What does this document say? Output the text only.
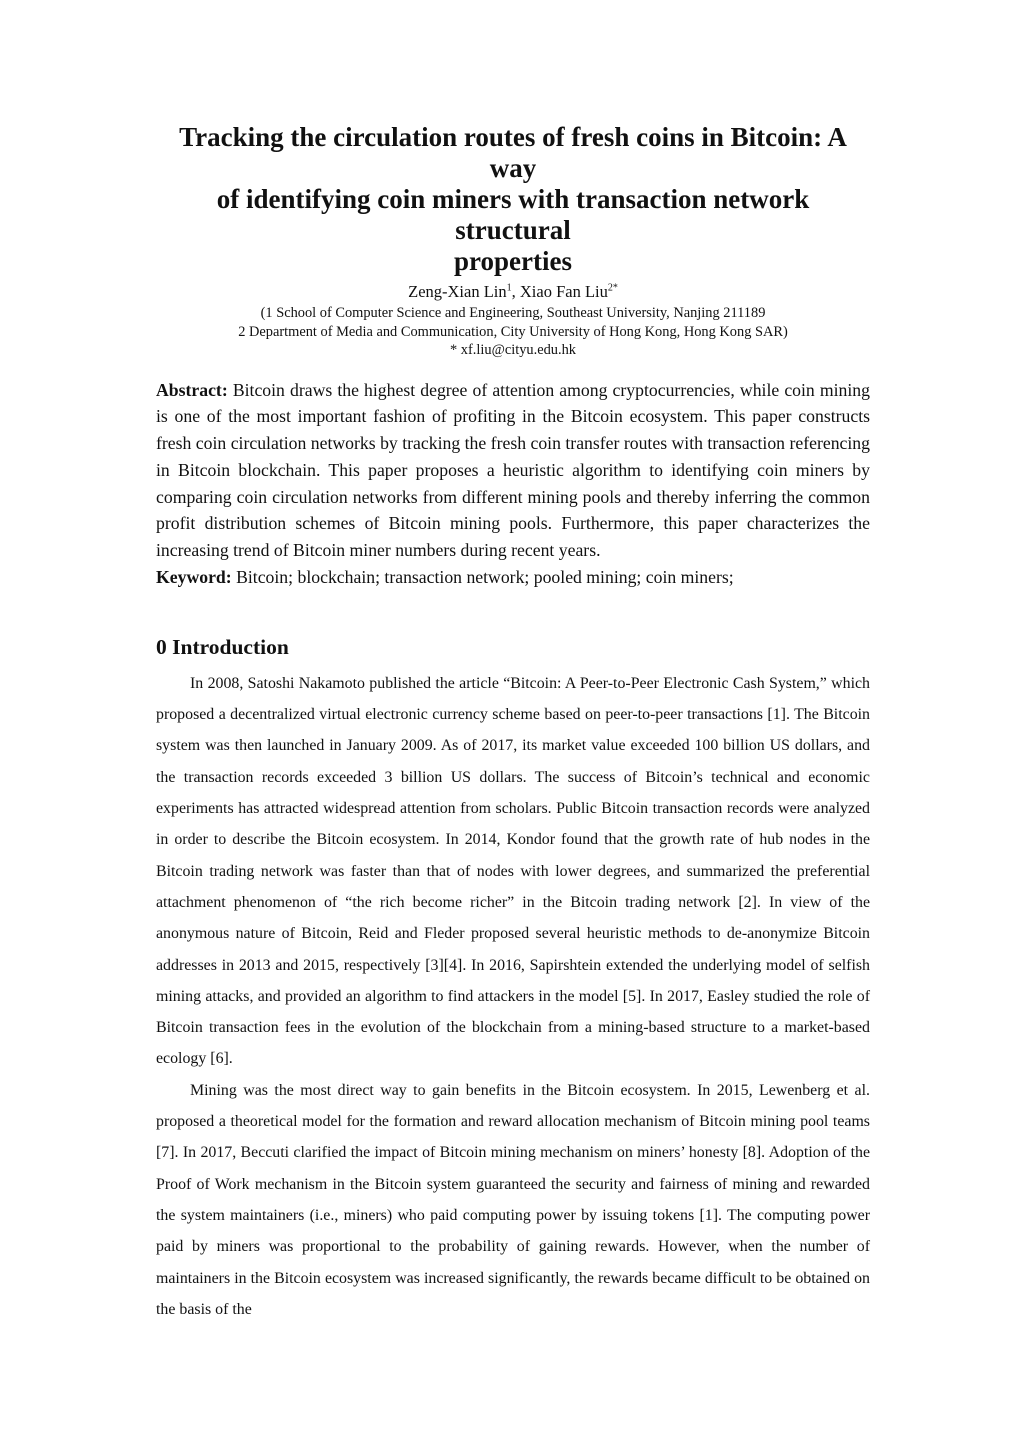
Tracking the circulation routes of fresh coins in Bitcoin: A way
of identifying coin miners with transaction network structural
properties
Zeng-Xian Lin$^1$, Xiao Fan Liu$^{2*}$
(1 School of Computer Science and Engineering, Southeast University, Nanjing 211189
2 Department of Media and Communication, City University of Hong Kong, Hong Kong SAR)
* xf.liu@cityu.edu.hk
Abstract: Bitcoin draws the highest degree of attention among cryptocurrencies, while coin mining is one of the most important fashion of profiting in the Bitcoin ecosystem. This paper constructs fresh coin circulation networks by tracking the fresh coin transfer routes with transaction referencing in Bitcoin blockchain. This paper proposes a heuristic algorithm to identifying coin miners by comparing coin circulation networks from different mining pools and thereby inferring the common profit distribution schemes of Bitcoin mining pools. Furthermore, this paper characterizes the increasing trend of Bitcoin miner numbers during recent years.
Keyword: Bitcoin; blockchain; transaction network; pooled mining; coin miners;
0 Introduction

In 2008, Satoshi Nakamoto published the article “Bitcoin: A Peer-to-Peer Electronic Cash System,” which proposed a decentralized virtual electronic currency scheme based on peer-to-peer transactions [1]. The Bitcoin system was then launched in January 2009. As of 2017, its market value exceeded 100 billion US dollars, and the transaction records exceeded 3 billion US dollars. The success of Bitcoin’s technical and economic experiments has attracted widespread attention from scholars. Public Bitcoin transaction records were analyzed in order to describe the Bitcoin ecosystem. In 2014, Kondor found that the growth rate of hub nodes in the Bitcoin trading network was faster than that of nodes with lower degrees, and summarized the preferential attachment phenomenon of “the rich become richer” in the Bitcoin trading network [2]. In view of the anonymous nature of Bitcoin, Reid and Fleder proposed several heuristic methods to de-anonymize Bitcoin addresses in 2013 and 2015, respectively [3][4]. In 2016, Sapirshtein extended the underlying model of selfish mining attacks, and provided an algorithm to find attackers in the model [5]. In 2017, Easley studied the role of Bitcoin transaction fees in the evolution of the blockchain from a mining-based structure to a market-based ecology [6].

Mining was the most direct way to gain benefits in the Bitcoin ecosystem. In 2015, Lewenberg et al. proposed a theoretical model for the formation and reward allocation mechanism of Bitcoin mining pool teams [7]. In 2017, Beccuti clarified the impact of Bitcoin mining mechanism on miners’ honesty [8]. Adoption of the Proof of Work mechanism in the Bitcoin system guaranteed the security and fairness of mining and rewarded the system maintainers (i.e., miners) who paid computing power by issuing tokens [1]. The computing power paid by miners was proportional to the probability of gaining rewards. However, when the number of maintainers in the Bitcoin ecosystem was increased significantly, the rewards became difficult to be obtained on the basis of the
